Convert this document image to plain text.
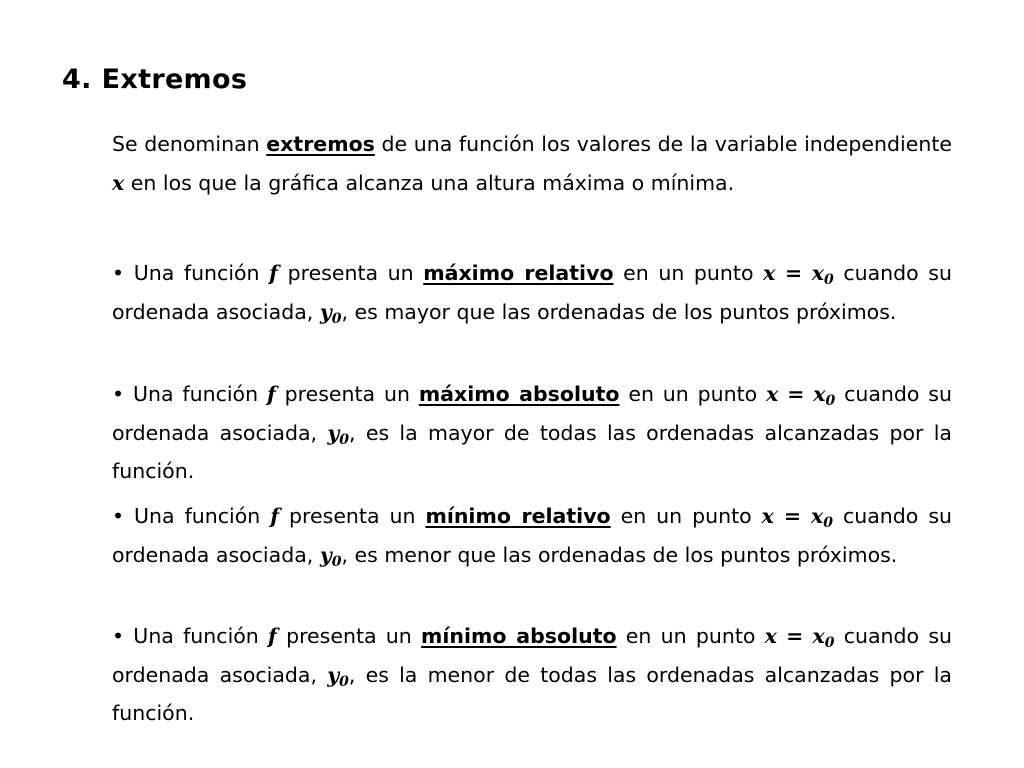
4. Extremos

Se denominan extremos de una función los valores de la variable independiente x en los que la gráfica alcanza una altura máxima o mínima.

• Una función f presenta un máximo relativo en un punto $x = x_0$ cuando su ordenada asociada, $y_0$, es mayor que las ordenadas de los puntos próximos.

• Una función f presenta un máximo absoluto en un punto $x = x_0$ cuando su ordenada asociada, $y_0$, es la mayor de todas las ordenadas alcanzadas por la función.

• Una función f presenta un mínimo relativo en un punto $x = x_0$ cuando su ordenada asociada, $y_0$, es menor que las ordenadas de los puntos próximos.

• Una función f presenta un mínimo absoluto en un punto $x = x_0$ cuando su ordenada asociada, $y_0$, es la menor de todas las ordenadas alcanzadas por la función.
